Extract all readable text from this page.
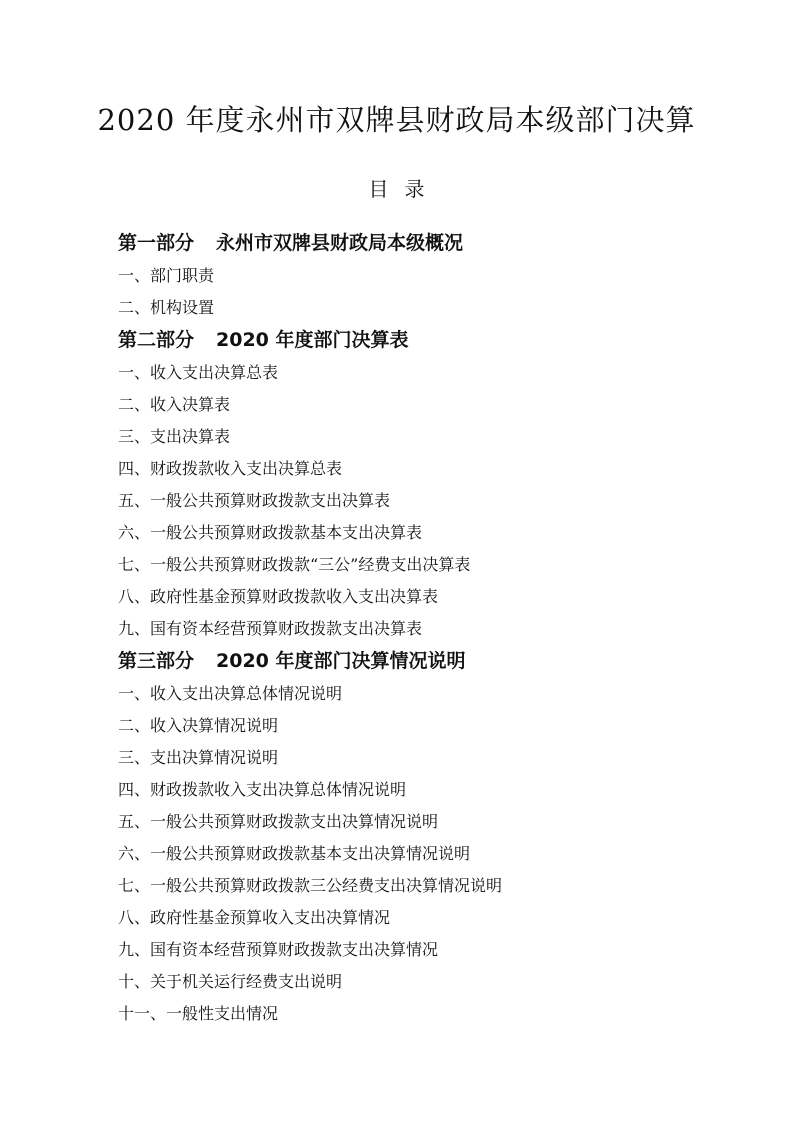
2020 年度永州市双牌县财政局本级部门决算
目 录
第一部分 永州市双牌县财政局本级概况
一、部门职责
二、机构设置
第二部分 2020 年度部门决算表
一、收入支出决算总表
二、收入决算表
三、支出决算表
四、财政拨款收入支出决算总表
五、一般公共预算财政拨款支出决算表
六、一般公共预算财政拨款基本支出决算表
七、一般公共预算财政拨款“三公”经费支出决算表
八、政府性基金预算财政拨款收入支出决算表
九、国有资本经营预算财政拨款支出决算表
第三部分 2020 年度部门决算情况说明
一、收入支出决算总体情况说明
二、收入决算情况说明
三、支出决算情况说明
四、财政拨款收入支出决算总体情况说明
五、一般公共预算财政拨款支出决算情况说明
六、一般公共预算财政拨款基本支出决算情况说明
七、一般公共预算财政拨款三公经费支出决算情况说明
八、政府性基金预算收入支出决算情况
九、国有资本经营预算财政拨款支出决算情况
十、关于机关运行经费支出说明
十一、一般性支出情况
